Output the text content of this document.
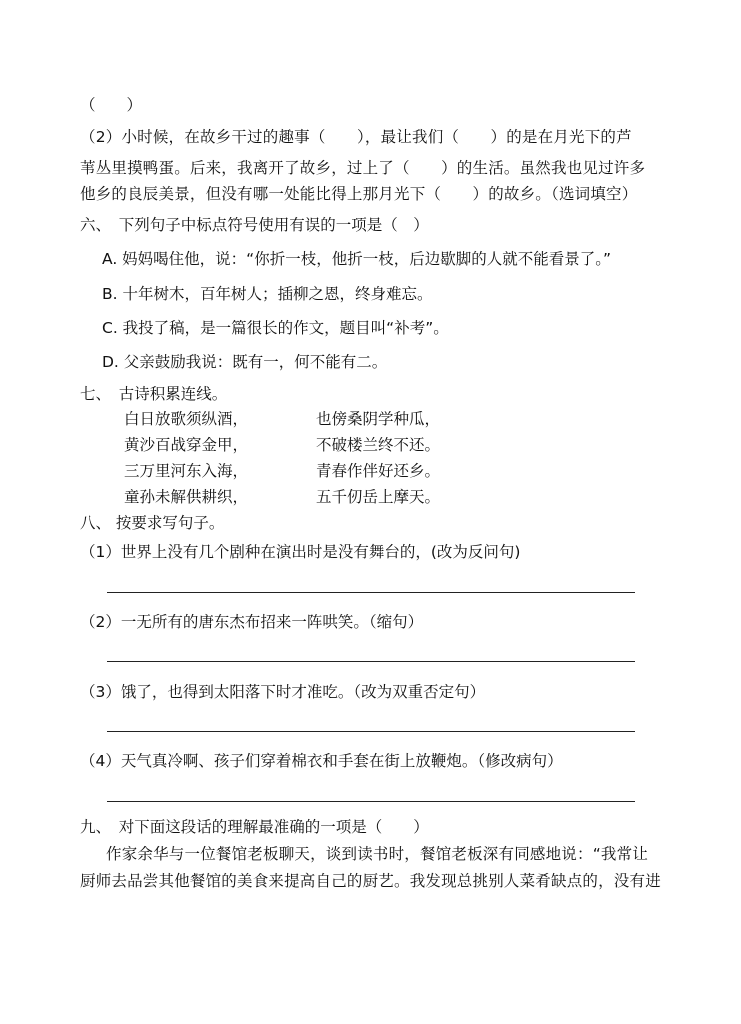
（　　）
（2）小时候，在故乡干过的趣事（　　），最让我们（　　）的是在月光下的芦
苇丛里摸鸭蛋。后来，我离开了故乡，过上了（　　）的生活。虽然我也见过许多
他乡的良辰美景，但没有哪一处能比得上那月光下（　　）的故乡。（选词填空）
六、　下列句子中标点符号使用有误的一项是（　）
A. 妈妈喝住他，说：“你折一枝，他折一枝，后边歇脚的人就不能看景了。”
B. 十年树木，百年树人；插柳之恩，终身难忘。
C. 我投了稿，是一篇很长的作文，题目叫“补考”。
D. 父亲鼓励我说：既有一，何不能有二。
七、　古诗积累连线。
白日放歌须纵酒，
黄沙百战穿金甲，
三万里河东入海，
童孙未解供耕织，
也傍桑阴学种瓜，
不破楼兰终不还。
青春作伴好还乡。
五千仞岳上摩天。
八、 按要求写句子。
（1）世界上没有几个剧种在演出时是没有舞台的，(改为反问句)
（2）一无所有的唐东杰布招来一阵哄笑。（缩句）
（3）饿了，也得到太阳落下时才准吃。（改为双重否定句）
（4）天气真冷啊、孩子们穿着棉衣和手套在街上放鞭炮。（修改病句）
九、　对下面这段话的理解最准确的一项是（　　）
作家余华与一位餐馆老板聊天，谈到读书时，餐馆老板深有同感地说：“我常让
厨师去品尝其他餐馆的美食来提高自己的厨艺。我发现总挑别人菜肴缺点的，没有进
